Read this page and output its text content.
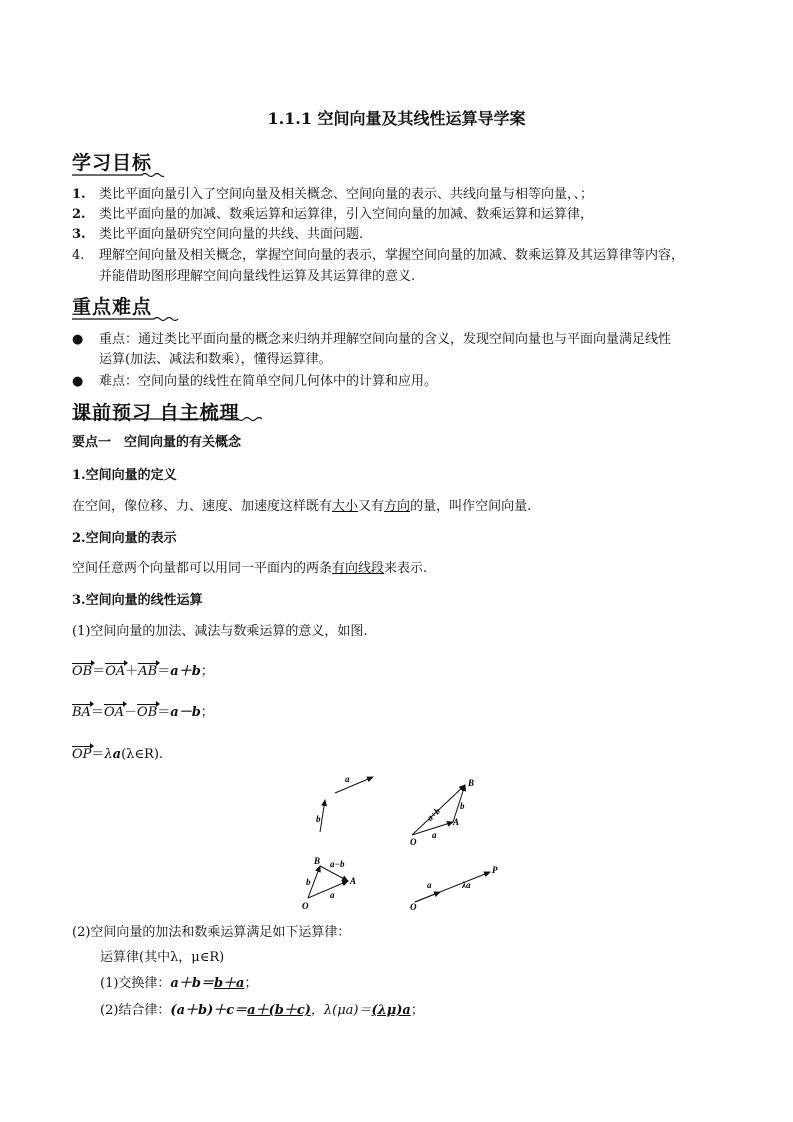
1.1.1 空间向量及其线性运算导学案
学习目标
1. 类比平面向量引入了空间向量及相关概念、空间向量的表示、共线向量与相等向量，、；
2. 类比平面向量的加减、数乘运算和运算律，引入空间向量的加减、数乘运算和运算律，
3. 类比平面向量研究空间向量的共线、共面问题.
4. 理解空间向量及相关概念，掌握空间向量的表示，掌握空间向量的加减、数乘运算及其运算律等内容，
并能借助图形理解空间向量线性运算及其运算律的意义.
重点难点
● 重点：通过类比平面向量的概念来归纳并理解空间向量的含义，发现空间向量也与平面向量满足线性
运算(加法、减法和数乘），懂得运算律。
● 难点：空间向量的线性在简单空间几何体中的计算和应用。
课前预习 自主梳理
要点一　空间向量的有关概念
1.空间向量的定义
在空间，像位移、力、速度、加速度这样既有大小又有方向的量，叫作空间向量.
2.空间向量的表示
空间任意两个向量都可以用同一平面内的两条有向线段来表示.
3.空间向量的线性运算
(1)空间向量的加法、减法与数乘运算的意义，如图.
OB＝OA＋AB＝a＋b；
BA＝OA－OB＝a－b；
OP＝λa(λ∈R).
a
b
B
A
O
a
b
a+b
B
A
O
b
a
a−b
O
P
a	λa
(2)空间向量的加法和数乘运算满足如下运算律：
运算律(其中λ，μ∈R)
(1)交换律：a＋b＝b＋a；
(2)结合律：(a＋b)＋c＝a＋(b＋c)，λ(μa)＝(λμ)a；
